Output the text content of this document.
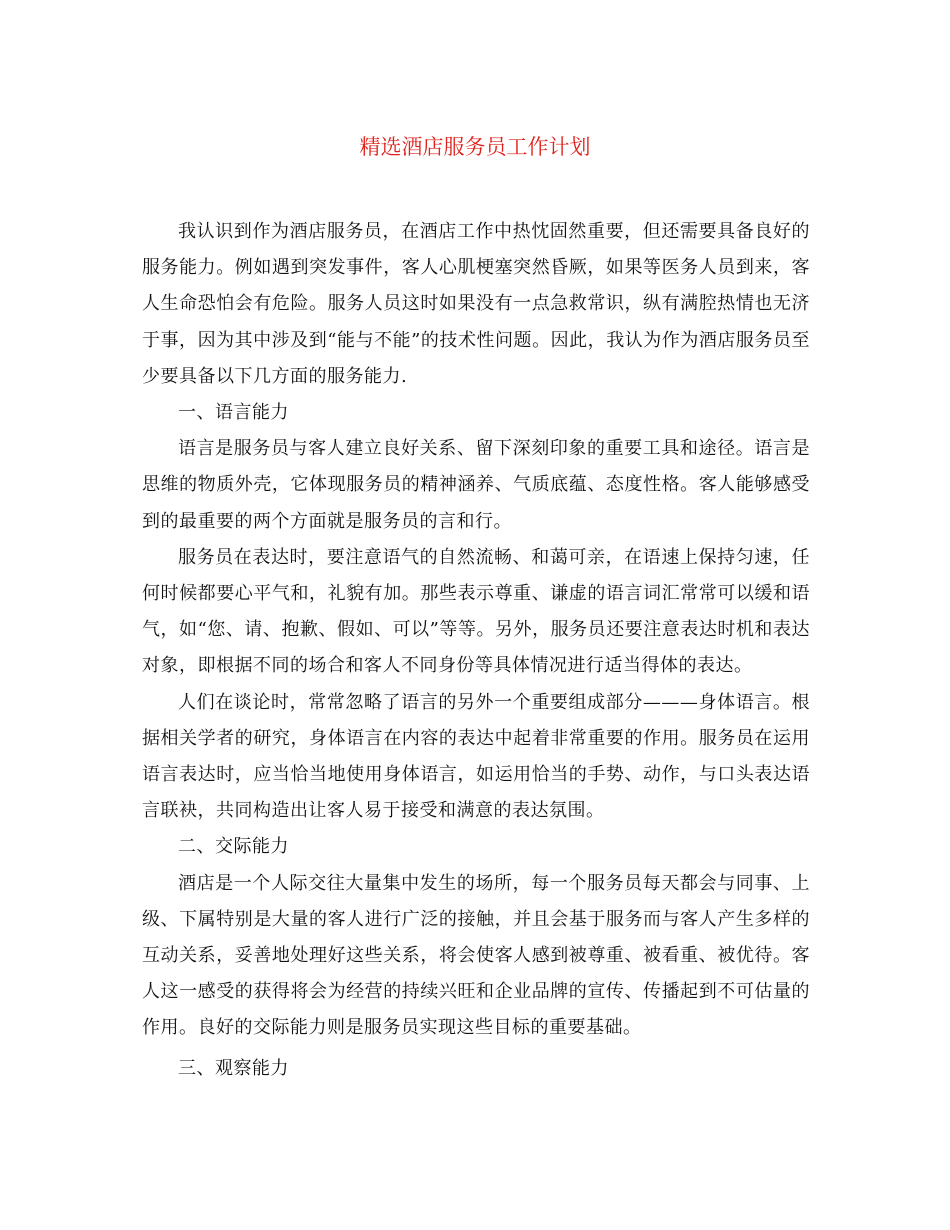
精选酒店服务员工作计划

我认识到作为酒店服务员，在酒店工作中热忱固然重要，但还需要具备良好的服务能力。例如遇到突发事件，客人心肌梗塞突然昏厥，如果等医务人员到来，客人生命恐怕会有危险。服务人员这时如果没有一点急救常识，纵有满腔热情也无济于事，因为其中涉及到“能与不能”的技术性问题。因此，我认为作为酒店服务员至少要具备以下几方面的服务能力.

一、语言能力

语言是服务员与客人建立良好关系、留下深刻印象的重要工具和途径。语言是思维的物质外壳，它体现服务员的精神涵养、气质底蕴、态度性格。客人能够感受到的最重要的两个方面就是服务员的言和行。

服务员在表达时，要注意语气的自然流畅、和蔼可亲，在语速上保持匀速，任何时候都要心平气和，礼貌有加。那些表示尊重、谦虚的语言词汇常常可以缓和语气，如“您、请、抱歉、假如、可以”等等。另外，服务员还要注意表达时机和表达对象，即根据不同的场合和客人不同身份等具体情况进行适当得体的表达。

人们在谈论时，常常忽略了语言的另外一个重要组成部分———身体语言。根据相关学者的研究，身体语言在内容的表达中起着非常重要的作用。服务员在运用语言表达时，应当恰当地使用身体语言，如运用恰当的手势、动作，与口头表达语言联袂，共同构造出让客人易于接受和满意的表达氛围。

二、交际能力

酒店是一个人际交往大量集中发生的场所，每一个服务员每天都会与同事、上级、下属特别是大量的客人进行广泛的接触，并且会基于服务而与客人产生多样的互动关系，妥善地处理好这些关系，将会使客人感到被尊重、被看重、被优待。客人这一感受的获得将会为经营的持续兴旺和企业品牌的宣传、传播起到不可估量的作用。良好的交际能力则是服务员实现这些目标的重要基础。

三、观察能力
